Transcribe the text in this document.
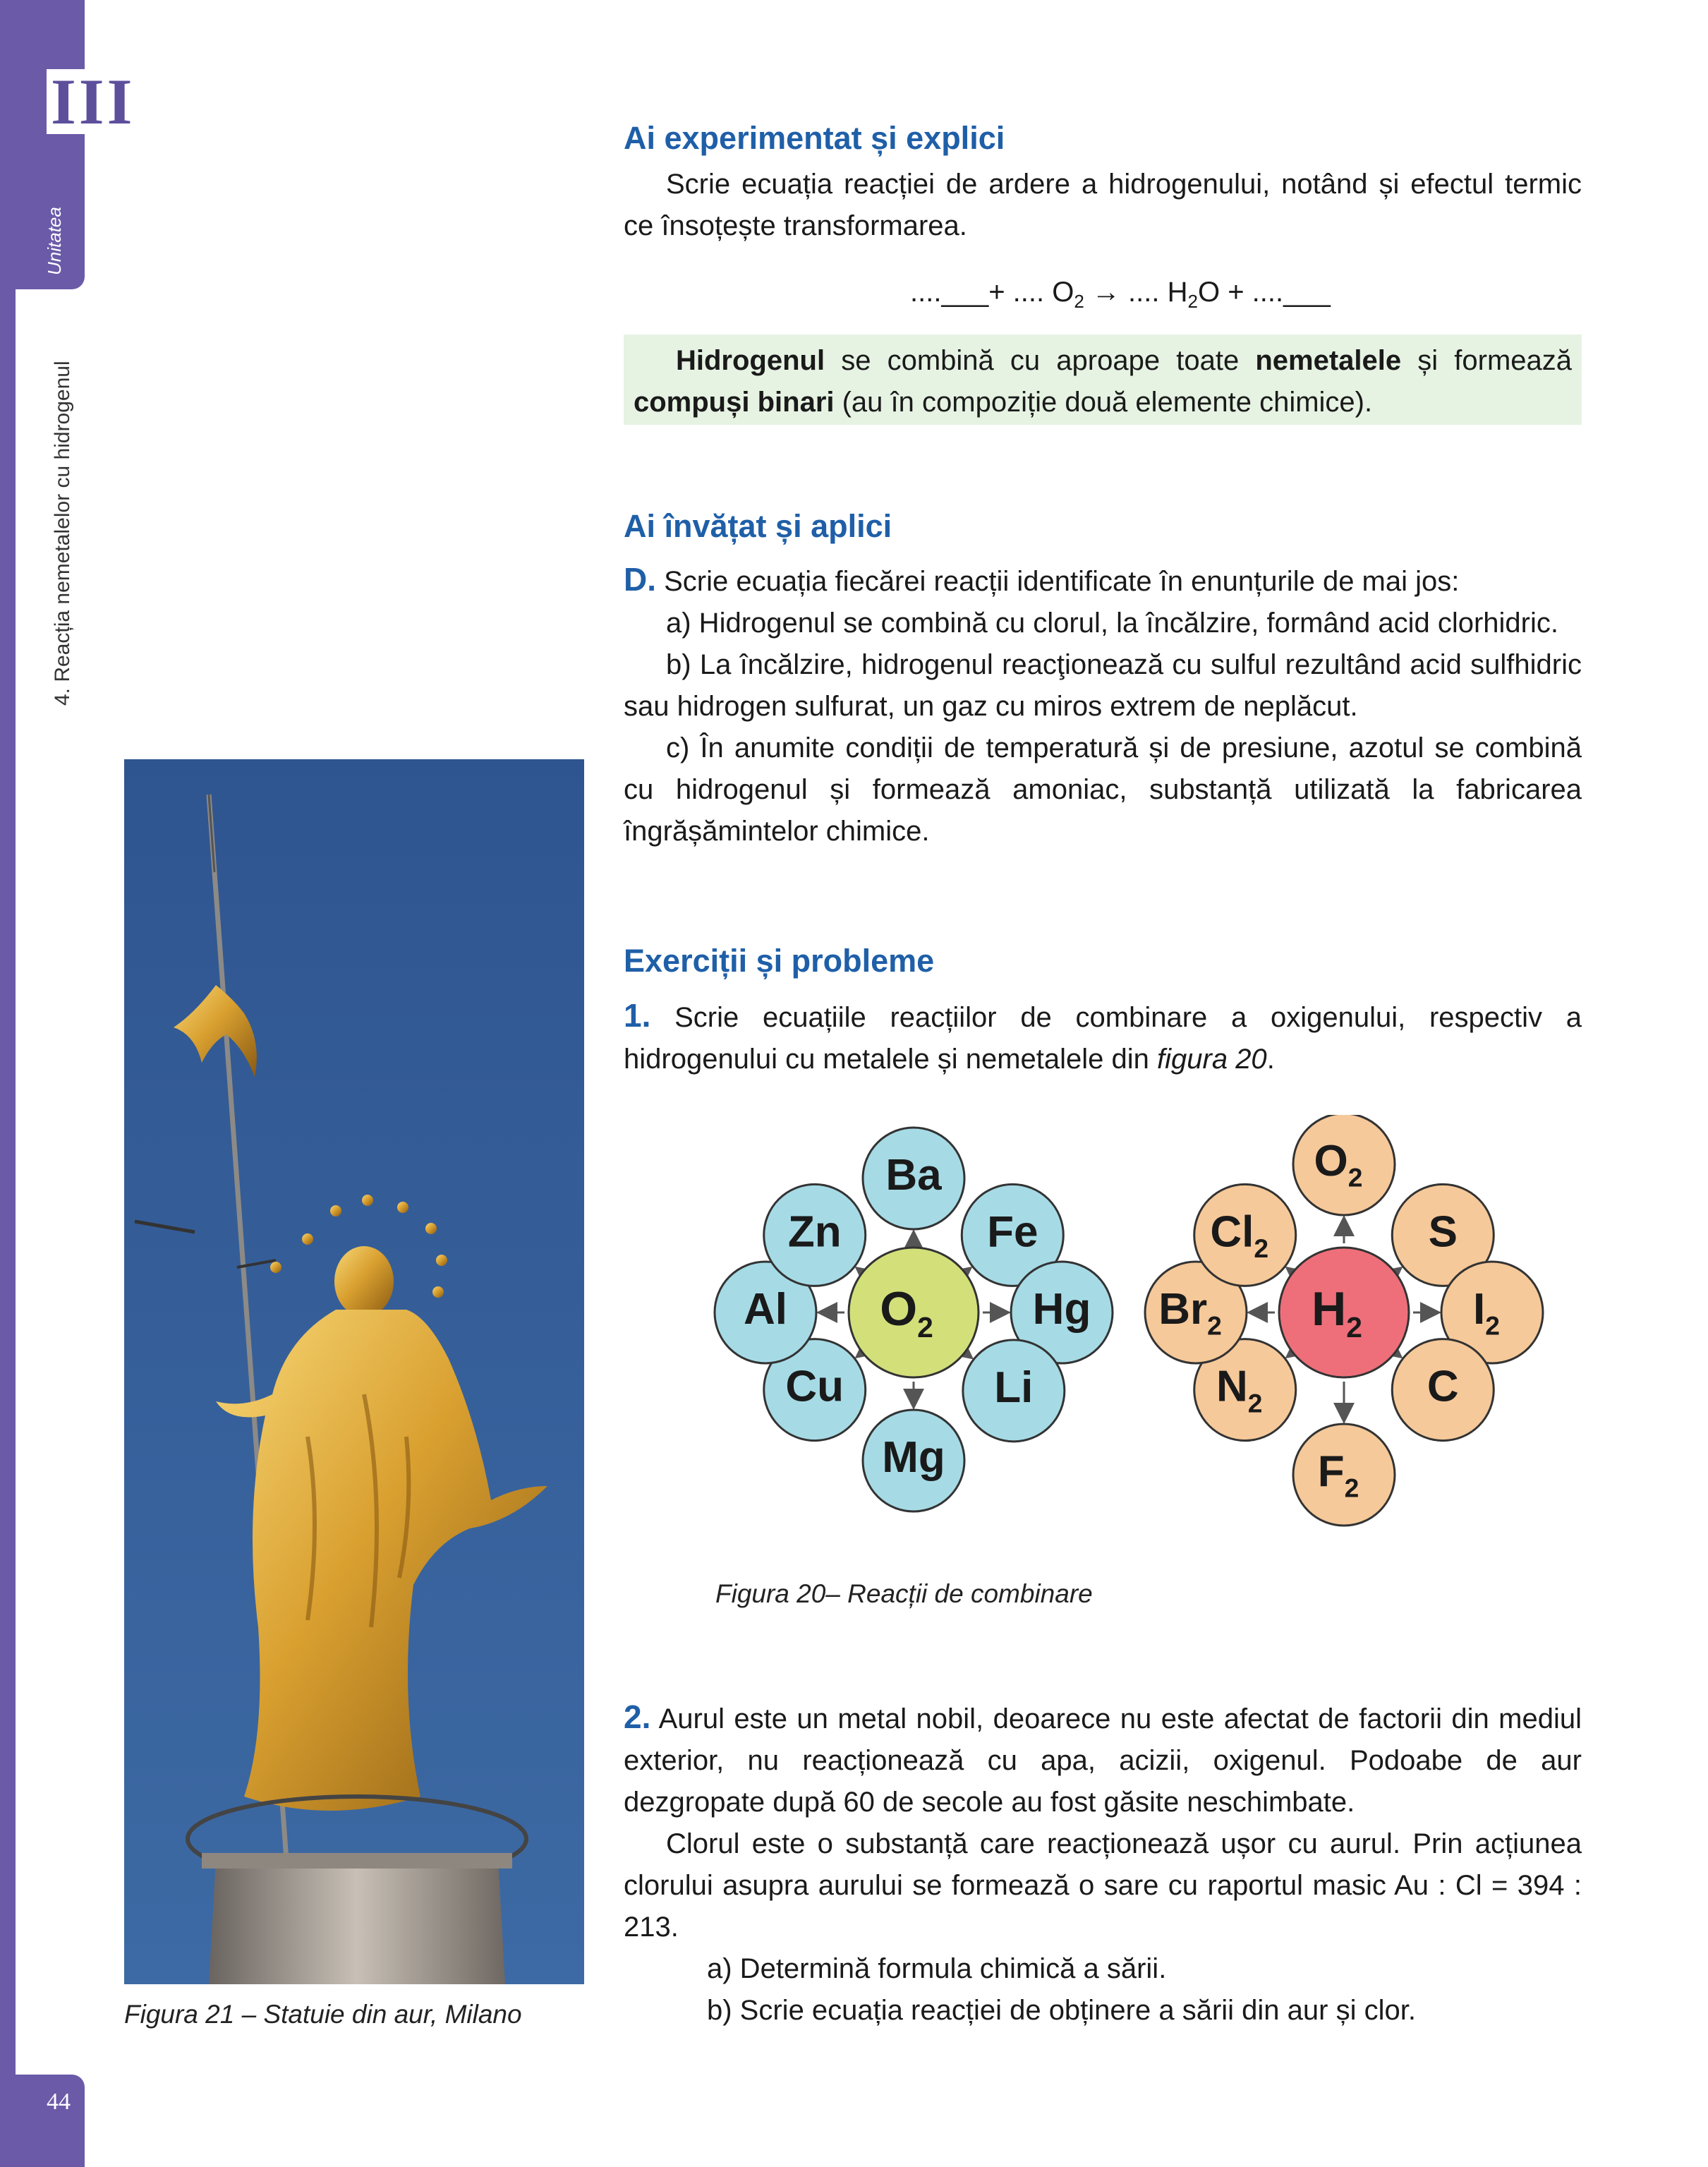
III
Unitatea
4. Reacția nemetalelor cu hidrogenul
44
Ai experimentat și explici

Scrie ecuația reacției de ardere a hidrogenului, notând și efectul termic ce însoțește transformarea.

....___+ .... $O_2$ → .... $H_2O$ + ....___

Hidrogenul se combină cu aproape toate nemetalele și formează compuși binari (au în compoziție două elemente chimice).

Ai învățat și aplici

D. Scrie ecuația fiecărei reacții identificate în enunțurile de mai jos:

a) Hidrogenul se combină cu clorul, la încălzire, formând acid clorhidric.

b) La încălzire, hidrogenul reacţionează cu sulful rezultând acid sulfhidric sau hidrogen sulfurat, un gaz cu miros extrem de neplăcut.

c) În anumite condiții de temperatură și de presiune, azotul se combină cu hidrogenul și formează amoniac, substanță utilizată la fabricarea îngrășămintelor chimice.

Exerciții și probleme

1. Scrie ecuațiile reacțiilor de combinare a oxigenului, respectiv a hidrogenului cu metalele și nemetalele din figura 20.

Ba
Fe
Hg
Li
Mg
Cu
Al
Zn
$O_2$
$O_2$
S
$I_2$
C
$F_2$
$N_2$
$Br_2$
$Cl_2$
$H_2$
Figura 20– Reacții de combinare

2. Aurul este un metal nobil, deoarece nu este afectat de factorii din mediul exterior, nu reacționează cu apa, acizii, oxigenul. Podoabe de aur dezgropate după 60 de secole au fost găsite neschimbate.

Clorul este o substanță care reacționează ușor cu aurul. Prin acțiunea clorului asupra aurului se formează o sare cu raportul masic Au : Cl = 394 : 213.

a) Determină formula chimică a sării.

b) Scrie ecuația reacției de obținere a sării din aur și clor.

Figura 21 – Statuie din aur, Milano
